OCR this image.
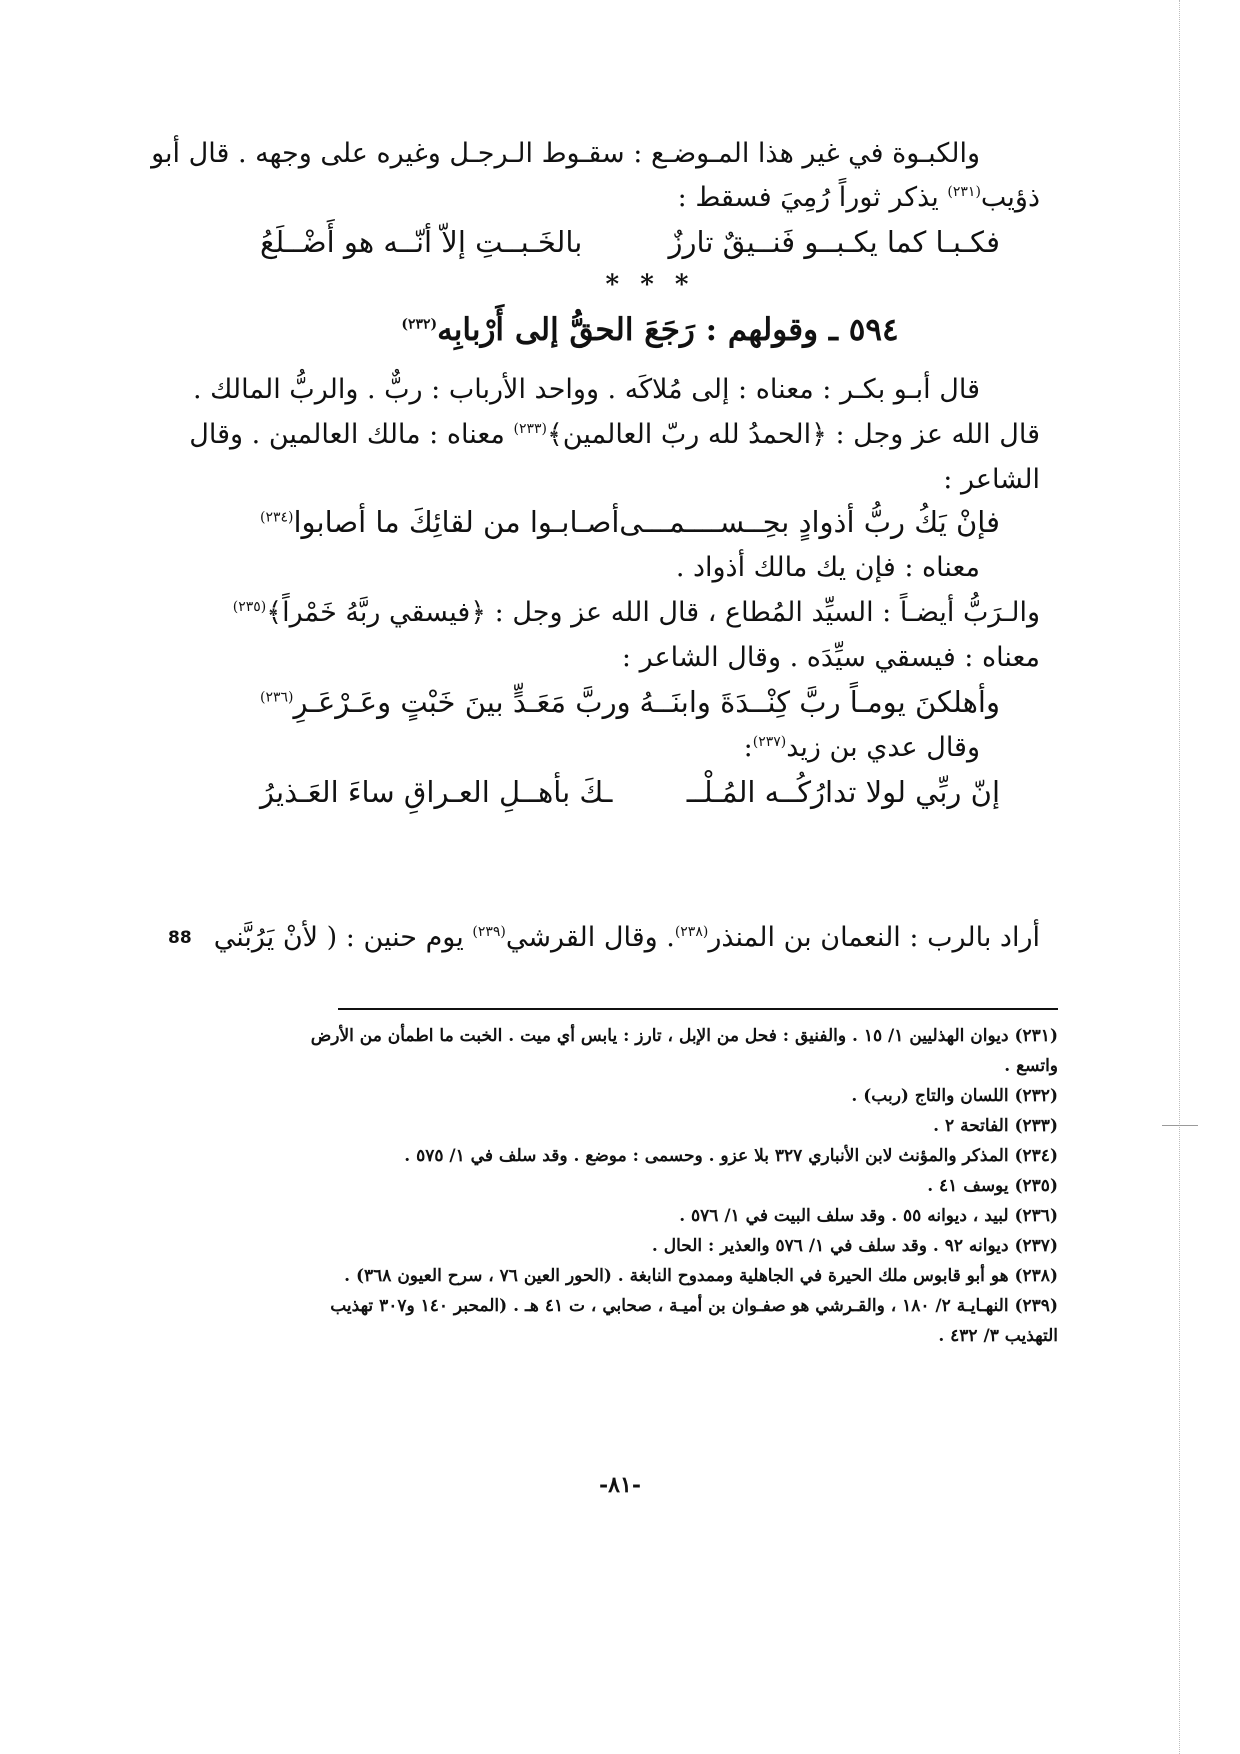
والكبـوة في غير هذا المـوضـع : سقـوط الـرجـل وغيره على وجهه . قال أبو
ذؤيب$^{(٢٣١)}$ يذكر ثوراً رُمِيَ فسقط :
فكـبـا كما يكـبــو فَنــيقٌ تارزٌ
بالخَـبــتِ إلاّ أنّــه هو أَضْــلَعُ
* * *
٥٩٤ ـ وقولهم : رَجَعَ الحقُّ إلى أَرْبابِه$^{(٢٣٢)}$
قال أبـو بكـر : معناه : إلى مُلاكَه . وواحد الأرباب : ربٌّ . والربُّ المالك .
قال الله عز وجل : ﴿الحمدُ لله ربّ العالمين﴾$^{(٢٣٣)}$ معناه : مالك العالمين . وقال
الشاعر :
فإنْ يَكُ ربُّ أذوادٍ بحِــســــمـــى
أصـابـوا من لقائِكَ ما أصابوا$^{(٢٣٤)}$
معناه : فإن يك مالك أذواد .
والـرَبُّ أيضـاً : السيِّد المُطاع ، قال الله عز وجل : ﴿فيسقي ربَّهُ خَمْراً﴾$^{(٢٣٥)}$
معناه : فيسقي سيِّدَه . وقال الشاعر :
وأهلكنَ يومـاً ربَّ كِنْــدَةَ وابنَــهُ
وربَّ مَعَـدٍّ بينَ خَبْتٍ وعَـرْعَـرِ$^{(٢٣٦)}$
وقال عدي بن زيد$^{(٢٣٧)}$:
إنّ ربِّي لولا تدارُكُــه المُـلْــ
ـكَ بأهــلِ العـراقِ ساءَ العَـذيرُ
أراد بالرب : النعمان بن المنذر$^{(٢٣٨)}$. وقال القرشي$^{(٢٣٩)}$ يوم حنين : ( لأنْ يَرُبَّني
88
(٢٣١) ديوان الهذليين ١/ ١٥ . والفنيق : فحل من الإبل ، تارز : يابس أي ميت . الخبت ما اطمأن من الأرض
واتسع .
(٢٣٢) اللسان والتاج (ربب) .
(٢٣٣) الفاتحة ٢ .
(٢٣٤) المذكر والمؤنث لابن الأنباري ٣٢٧ بلا عزو . وحسمى : موضع . وقد سلف في ١/ ٥٧٥ .
(٢٣٥) يوسف ٤١ .
(٢٣٦) لبيد ، ديوانه ٥٥ . وقد سلف البيت في ١/ ٥٧٦ .
(٢٣٧) ديوانه ٩٢ . وقد سلف في ١/ ٥٧٦ والعذير : الحال .
(٢٣٨) هو أبو قابوس ملك الحيرة في الجاهلية وممدوح النابغة . (الحور العين ٧٦ ، سرح العيون ٣٦٨) .
(٢٣٩) النهـايـة ٢/ ١٨٠ ، والقـرشي هو صفـوان بن أميـة ، صحابي ، ت ٤١ هـ . (المحبر ١٤٠ و٣٠٧ تهذيب
التهذيب ٣/ ٤٣٢ .
-٨١-
